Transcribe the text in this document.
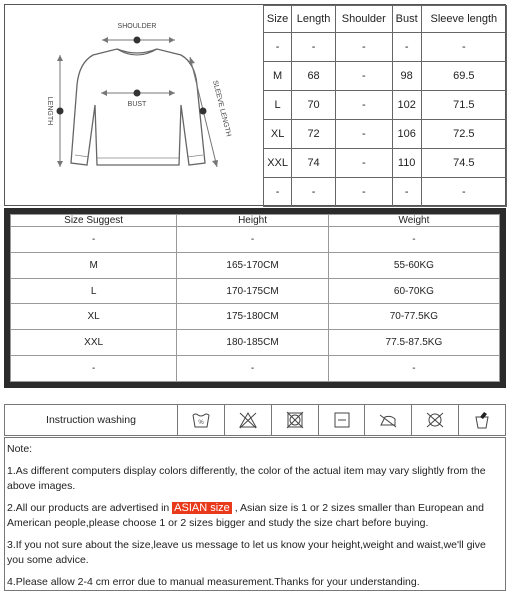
SHOULDER
BUST
LENGTH	SLEEVE LENGTH
Size	Length	Shoulder	Bust	Sleeve length
-	-	-	-	-
M	68	-	98	69.5
L	70	-	102	71.5
XL	72	-	106	72.5
XXL	74	-	110	74.5
-	-	-	-	-
Size Suggest	Height	Weight
-	-	-
M	165-170CM	55-60KG
L	170-175CM	60-70KG
XL	175-180CM	70-77.5KG
XXL	180-185CM	77.5-87.5KG
-	-	-
Instruction washing	%

Note:

1.As different computers display colors differently, the color of the actual item may vary slightly from the above images.

2.All our products are advertised in ASIAN size , Asian size is 1 or 2 sizes smaller than European and

American people,please choose 1 or 2 sizes bigger and study the size chart before buying.

3.If you not sure about the size,leave us message to let us know your height,weight and waist,we'll give you some advice.

4.Please allow 2-4 cm error due to manual measurement.Thanks for your understanding.
